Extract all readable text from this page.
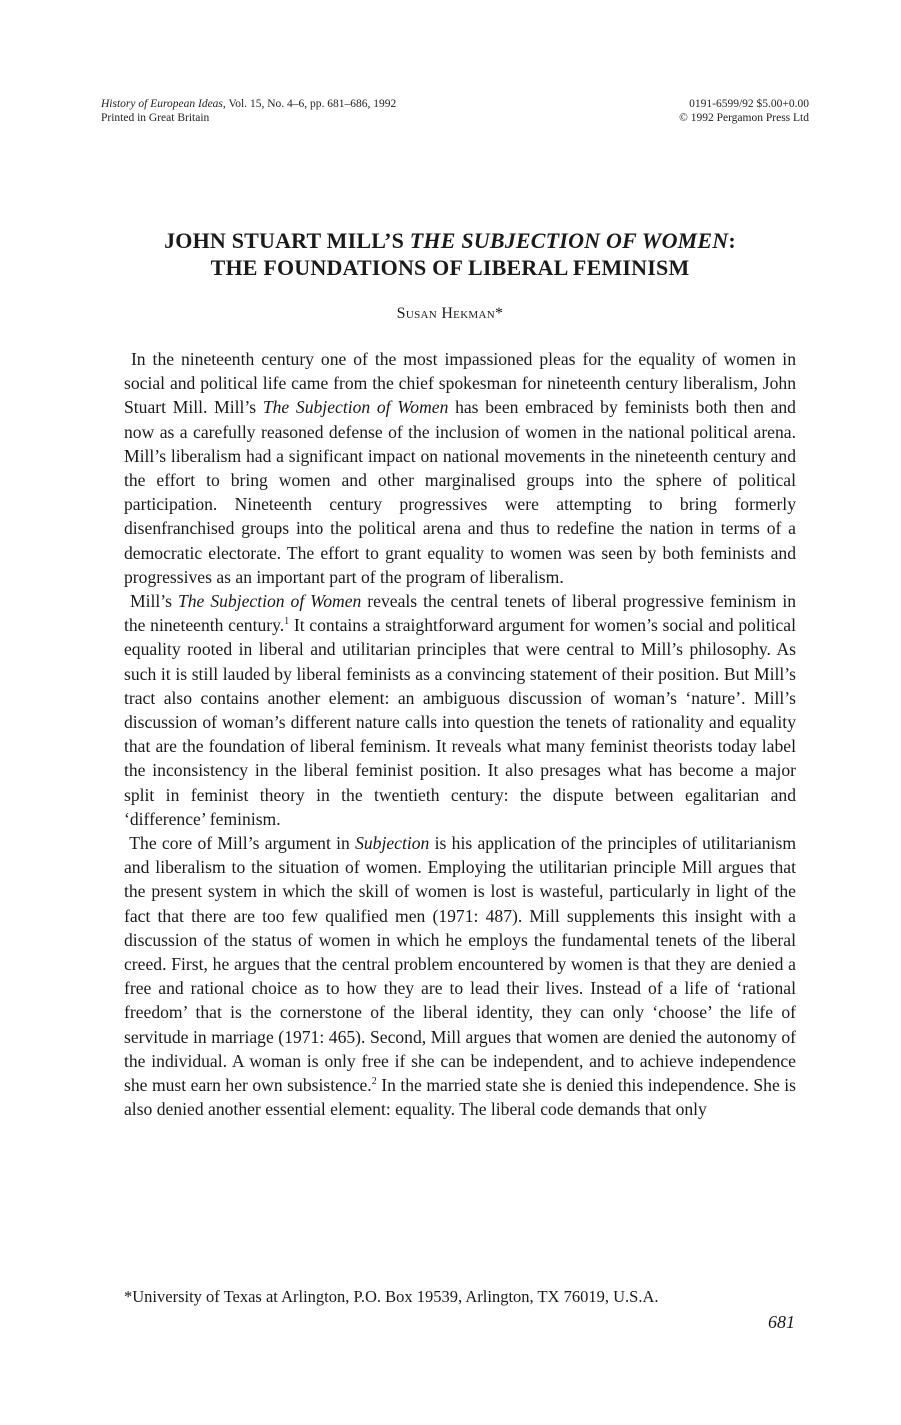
History of European Ideas, Vol. 15, No. 4–6, pp. 681–686, 1992
Printed in Great Britain
0191-6599/92 $5.00+0.00
© 1992 Pergamon Press Ltd
JOHN STUART MILL’S THE SUBJECTION OF WOMEN:
THE FOUNDATIONS OF LIBERAL FEMINISM
Susan Hekman*

In the nineteenth century one of the most impassioned pleas for the equality of women in social and political life came from the chief spokesman for nineteenth century liberalism, John Stuart Mill. Mill’s The Subjection of Women has been embraced by feminists both then and now as a carefully reasoned defense of the inclusion of women in the national political arena. Mill’s liberalism had a significant impact on national movements in the nineteenth century and the effort to bring women and other marginalised groups into the sphere of political participation. Nineteenth century progressives were attempting to bring formerly disenfranchised groups into the political arena and thus to redefine the nation in terms of a democratic electorate. The effort to grant equality to women was seen by both feminists and progressives as an important part of the program of liberalism.

Mill’s The Subjection of Women reveals the central tenets of liberal progressive feminism in the nineteenth century.$^1$ It contains a straightforward argument for women’s social and political equality rooted in liberal and utilitarian principles that were central to Mill’s philosophy. As such it is still lauded by liberal feminists as a convincing statement of their position. But Mill’s tract also contains another element: an ambiguous discussion of woman’s ‘nature’. Mill’s discussion of woman’s different nature calls into question the tenets of rationality and equality that are the foundation of liberal feminism. It reveals what many feminist theorists today label the inconsistency in the liberal feminist position. It also presages what has become a major split in feminist theory in the twentieth century: the dispute between egalitarian and ‘difference’ feminism.

The core of Mill’s argument in Subjection is his application of the principles of utilitarianism and liberalism to the situation of women. Employing the utilitarian principle Mill argues that the present system in which the skill of women is lost is wasteful, particularly in light of the fact that there are too few qualified men (1971: 487). Mill supplements this insight with a discussion of the status of women in which he employs the fundamental tenets of the liberal creed. First, he argues that the central problem encountered by women is that they are denied a free and rational choice as to how they are to lead their lives. Instead of a life of ‘rational freedom’ that is the cornerstone of the liberal identity, they can only ‘choose’ the life of servitude in marriage (1971: 465). Second, Mill argues that women are denied the autonomy of the individual. A woman is only free if she can be independent, and to achieve independence she must earn her own subsistence.$^2$ In the married state she is denied this independence. She is also denied another essential element: equality. The liberal code demands that only

*University of Texas at Arlington, P.O. Box 19539, Arlington, TX 76019, U.S.A.
681
